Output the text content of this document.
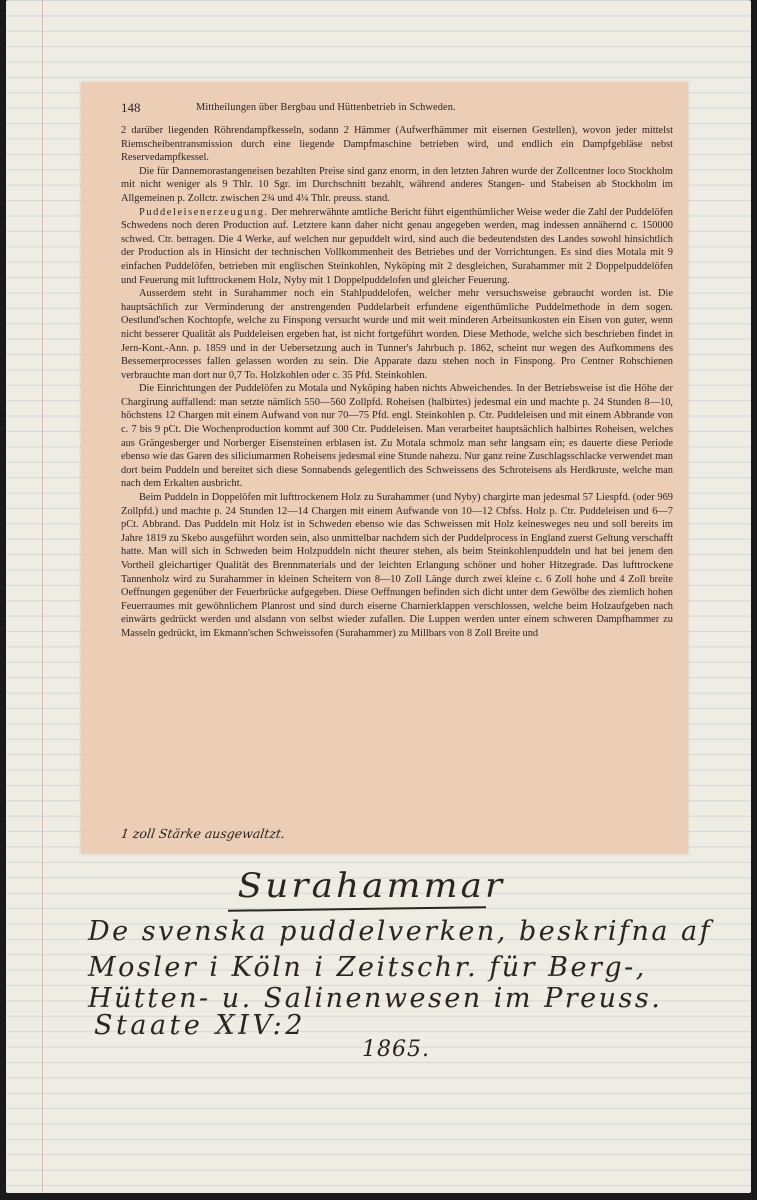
148	Mittheilungen über Bergbau und Hüttenbetrieb in Schweden.

2 darüber liegenden Röhrendampfkesseln, sodann 2 Hämmer (Aufwerfhämmer mit eisernen Gestellen), wovon jeder mittelst Riemscheibentransmission durch eine liegende Dampfmaschine betrieben wird, und endlich ein Dampfgebläse nebst Reservedampfkessel.

Die für Dannemorastangeneisen bezahlten Preise sind ganz enorm, in den letzten Jahren wurde der Zollcentner loco Stockholm mit nicht weniger als 9 Thlr. 10 Sgr. im Durchschnitt bezahlt, während anderes Stangen- und Stabeisen ab Stockholm im Allgemeinen p. Zollctr. zwischen 2¾ und 4¼ Thlr. preuss. stand.

Puddeleisenerzeugung. Der mehrerwähnte amtliche Bericht führt eigenthümlicher Weise weder die Zahl der Puddelöfen Schwedens noch deren Production auf. Letztere kann daher nicht genau angegeben werden, mag indessen annähernd c. 150000 schwed. Ctr. betragen. Die 4 Werke, auf welchen nur gepuddelt wird, sind auch die bedeutendsten des Landes sowohl hinsichtlich der Production als in Hinsicht der technischen Vollkommenheit des Betriebes und der Vorrichtungen. Es sind dies Motala mit 9 einfachen Puddelöfen, betrieben mit englischen Steinkohlen, Nyköping mit 2 desgleichen, Surahammer mit 2 Doppelpuddelöfen und Feuerung mit lufttrockenem Holz, Nyby mit 1 Doppelpuddelofen und gleicher Feuerung.

Ausserdem steht in Surahammer noch ein Stahlpuddelofen, welcher mehr versuchsweise gebraucht worden ist. Die hauptsächlich zur Verminderung der anstrengenden Puddelarbeit erfundene eigenthümliche Puddelmethode in dem sogen. Oestlund'schen Kochtopfe, welche zu Finspong versucht wurde und mit weit minderen Arbeitsunkosten ein Eisen von guter, wenn nicht besserer Qualität als Puddeleisen ergeben hat, ist nicht fortgeführt worden. Diese Methode, welche sich beschrieben findet in Jern-Kont.-Ann. p. 1859 und in der Uebersetzung auch in Tunner's Jahrbuch p. 1862, scheint nur wegen des Aufkommens des Bessemerprocesses fallen gelassen worden zu sein. Die Apparate dazu stehen noch in Finspong. Pro Centner Rohschienen verbrauchte man dort nur 0,7 To. Holzkohlen oder c. 35 Pfd. Steinkohlen.

Die Einrichtungen der Puddelöfen zu Motala und Nyköping haben nichts Abweichendes. In der Betriebsweise ist die Höhe der Chargirung auffallend: man setzte nämlich 550—560 Zollpfd. Roheisen (halbirtes) jedesmal ein und machte p. 24 Stunden 8—10, höchstens 12 Chargen mit einem Aufwand von nur 70—75 Pfd. engl. Steinkohlen p. Ctr. Puddeleisen und mit einem Abbrande von c. 7 bis 9 pCt. Die Wochenproduction kommt auf 300 Ctr. Puddeleisen. Man verarbeitet hauptsächlich halbirtes Roheisen, welches aus Grängesberger und Norberger Eisensteinen erblasen ist. Zu Motala schmolz man sehr langsam ein; es dauerte diese Periode ebenso wie das Garen des siliciumarmen Roheisens jedesmal eine Stunde nahezu. Nur ganz reine Zuschlagsschlacke verwendet man dort beim Puddeln und bereitet sich diese Sonnabends gelegentlich des Schweissens des Schroteisens als Herdkruste, welche man nach dem Erkalten ausbricht.

Beim Puddeln in Doppelöfen mit lufttrockenem Holz zu Surahammer (und Nyby) chargirte man jedesmal 57 Liespfd. (oder 969 Zollpfd.) und machte p. 24 Stunden 12—14 Chargen mit einem Aufwande von 10—12 Cbfss. Holz p. Ctr. Puddeleisen und 6—7 pCt. Abbrand. Das Puddeln mit Holz ist in Schweden ebenso wie das Schweissen mit Holz keinesweges neu und soll bereits im Jahre 1819 zu Skebo ausgeführt worden sein, also unmittelbar nachdem sich der Puddelprocess in England zuerst Geltung verschafft hatte. Man will sich in Schweden beim Holzpuddeln nicht theurer stehen, als beim Steinkohlenpuddeln und hat bei jenem den Vortheil gleichartiger Qualität des Brennmaterials und der leichten Erlangung schöner und hoher Hitzegrade. Das lufttrockene Tannenholz wird zu Surahammer in kleinen Scheitern von 8—10 Zoll Länge durch zwei kleine c. 6 Zoll hohe und 4 Zoll breite Oeffnungen gegenüber der Feuerbrücke aufgegeben. Diese Oeffnungen befinden sich dicht unter dem Gewölbe des ziemlich hohen Feuerraumes mit gewöhnlichem Planrost und sind durch eiserne Charnierklappen verschlossen, welche beim Holzaufgeben nach einwärts gedrückt werden und alsdann von selbst wieder zufallen. Die Luppen werden unter einem schweren Dampfhammer zu Masseln gedrückt, im Ekmann'schen Schweissofen (Surahammer) zu Millbars von 8 Zoll Breite und

1 zoll Stärke ausgewaltzt.
Surahammar
De svenska puddelverken, beskrifna af
Mosler i Köln i Zeitschr. für Berg-,
Hütten- u. Salinenwesen im Preuss.
Staate XIV:2
1865.
